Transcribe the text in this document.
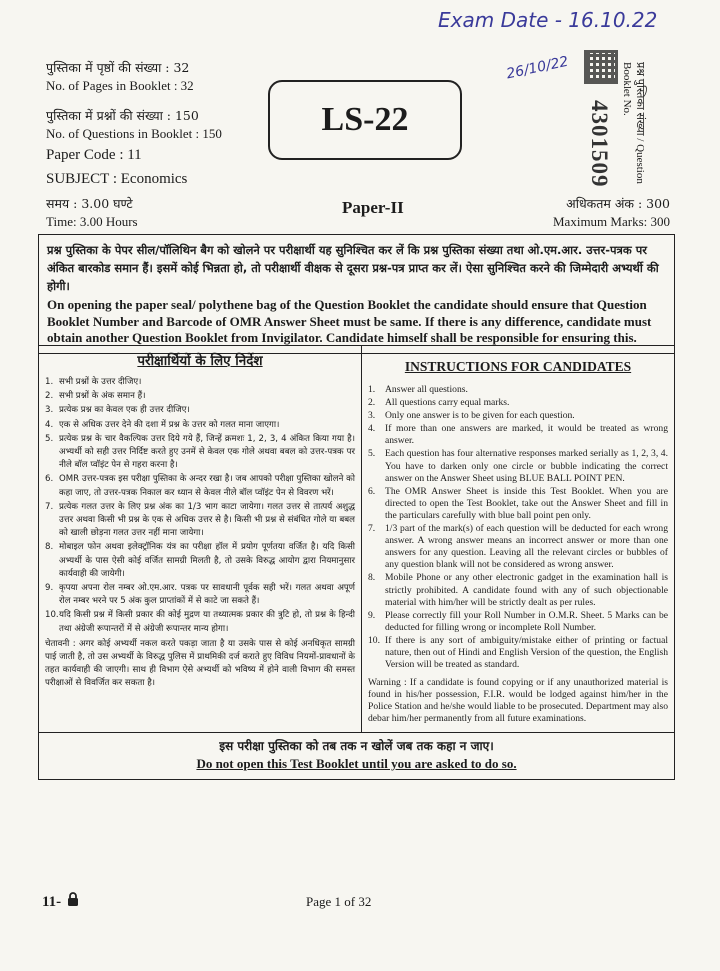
Exam Date - 16.10.22
26/10/22	प्रश्न पुस्तिका संख्या / Question Booklet No.
4301509
पुस्तिका में पृष्ठों की संख्या : 32
No. of Pages in Booklet : 32
पुस्तिका में प्रश्नों की संख्या : 150
No. of Questions in Booklet : 150
Paper Code : 11
SUBJECT : Economics
LS-22
समय : 3.00 घण्टे
Time: 3.00 Hours
Paper-II	अधिकतम अंक : 300
Maximum Marks: 300
प्रश्न पुस्तिका के पेपर सील/पॉलिथिन बैग को खोलने पर परीक्षार्थी यह सुनिश्चित कर लें कि प्रश्न पुस्तिका संख्या तथा ओ.एम.आर. उत्तर-पत्रक पर अंकित बारकोड समान हैं। इसमें कोई भिन्नता हो, तो परीक्षार्थी वीक्षक से दूसरा प्रश्न-पत्र प्राप्त कर लें। ऐसा सुनिश्चित करने की जिम्मेदारी अभ्यर्थी की होगी।
On opening the paper seal/ polythene bag of the Question Booklet the candidate should ensure that Question Booklet Number and Barcode of OMR Answer Sheet must be same. If there is any difference, candidate must obtain another Question Booklet from Invigilator. Candidate himself shall be responsible for ensuring this.
परीक्षार्थियों के लिए निर्देश
1. सभी प्रश्नों के उत्तर दीजिए।
2. सभी प्रश्नों के अंक समान हैं।
3. प्रत्येक प्रश्न का केवल एक ही उत्तर दीजिए।
4. एक से अधिक उत्तर देने की दशा में प्रश्न के उत्तर को गलत माना जाएगा।
5. प्रत्येक प्रश्न के चार वैकल्पिक उत्तर दिये गये हैं, जिन्हें क्रमशः 1, 2, 3, 4 अंकित किया गया है। अभ्यर्थी को सही उत्तर निर्दिष्ट करते हुए उनमें से केवल एक गोले अथवा बबल को उत्तर-पत्रक पर नीले बॉल प्वॉइंट पेन से गहरा करना है।
6. OMR उत्तर-पत्रक इस परीक्षा पुस्तिका के अन्दर रखा है। जब आपको परीक्षा पुस्तिका खोलने को कहा जाए, तो उत्तर-पत्रक निकाल कर ध्यान से केवल नीले बॉल प्वॉइंट पेन से विवरण भरें।
7. प्रत्येक गलत उत्तर के लिए प्रश्न अंक का 1/3 भाग काटा जायेगा। गलत उत्तर से तात्पर्य अशुद्ध उत्तर अथवा किसी भी प्रश्न के एक से अधिक उत्तर से है। किसी भी प्रश्न से संबंधित गोले या बबल को खाली छोड़ना गलत उत्तर नहीं माना जायेगा।
8. मोबाइल फोन अथवा इलेक्ट्रॉनिक यंत्र का परीक्षा हॉल में प्रयोग पूर्णतया वर्जित है। यदि किसी अभ्यर्थी के पास ऐसी कोई वर्जित सामग्री मिलती है, तो उसके विरुद्ध आयोग द्वारा नियमानुसार कार्यवाही की जायेगी।
9. कृपया अपना रोल नम्बर ओ.एम.आर. पत्रक पर सावधानी पूर्वक सही भरें। गलत अथवा अपूर्ण रोल नम्बर भरने पर 5 अंक कुल प्राप्तांकों में से काटे जा सकते हैं।
10. यदि किसी प्रश्न में किसी प्रकार की कोई मुद्रण या तथ्यात्मक प्रकार की त्रुटि हो, तो प्रश्न के हिन्दी तथा अंग्रेजी रूपान्तरों में से अंग्रेजी रूपान्तर मान्य होगा।
चेतावनी : अगर कोई अभ्यर्थी नकल करते पकड़ा जाता है या उसके पास से कोई अनधिकृत सामग्री पाई जाती है, तो उस अभ्यर्थी के विरुद्ध पुलिस में प्राथमिकी दर्ज कराते हुए विविध नियमों-प्रावधानों के तहत कार्यवाही की जाएगी। साथ ही विभाग ऐसे अभ्यर्थी को भविष्य में होने वाली विभाग की समस्त परीक्षाओं से विवर्जित कर सकता है।
INSTRUCTIONS FOR CANDIDATES
1.	Answer all questions.
2.	All questions carry equal marks.
3.	Only one answer is to be given for each question.
4.	If more than one answers are marked, it would be treated as wrong answer.
5.	Each question has four alternative responses marked serially as 1, 2, 3, 4. You have to darken only one circle or bubble indicating the correct answer on the Answer Sheet using BLUE BALL POINT PEN.
6.	The OMR Answer Sheet is inside this Test Booklet. When you are directed to open the Test Booklet, take out the Answer Sheet and fill in the particulars carefully with blue ball point pen only.
7.	1/3 part of the mark(s) of each question will be deducted for each wrong answer. A wrong answer means an incorrect answer or more than one answers for any question. Leaving all the relevant circles or bubbles of any question blank will not be considered as wrong answer.
8.	Mobile Phone or any other electronic gadget in the examination hall is strictly prohibited. A candidate found with any of such objectionable material with him/her will be strictly dealt as per rules.
9.	Please correctly fill your Roll Number in O.M.R. Sheet. 5 Marks can be deducted for filling wrong or incomplete Roll Number.
10. If there is any sort of ambiguity/mistake either of printing or factual nature, then out of Hindi and English Version of the question, the English Version will be treated as standard.
Warning : If a candidate is found copying or if any unauthorized material is found in his/her possession, F.I.R. would be lodged against him/her in the Police Station and he/she would liable to be prosecuted. Department may also debar him/her permanently from all future examinations.
इस परीक्षा पुस्तिका को तब तक न खोलें जब तक कहा न जाए।
Do not open this Test Booklet until you are asked to do so.
11-	Page 1 of 32
